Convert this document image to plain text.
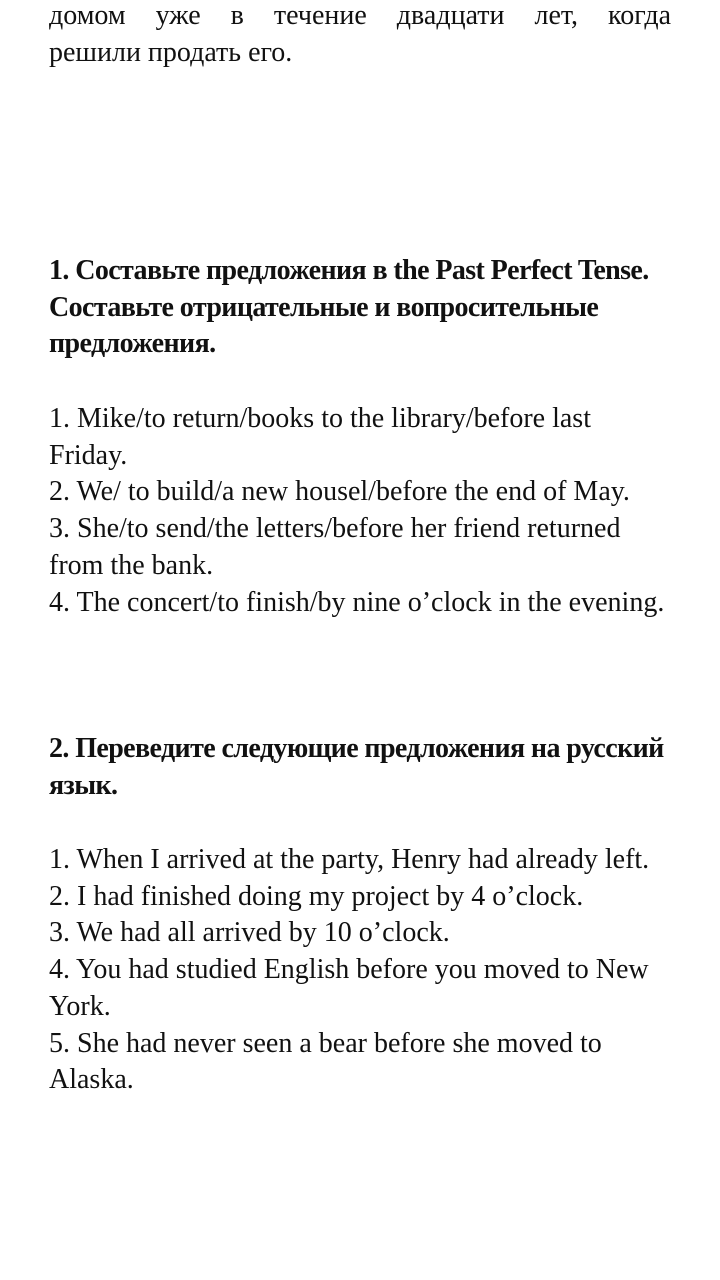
домом уже в течение двадцати лет, когда
решили продать его.
1. Составьте предложения в the Past Perfect Tense. Составьте отрицательные и вопросительные предложения.
1. Mike/to return/books to the library/before last Friday.
2. We/ to build/a new housel/before the end of May.
3. She/to send/the letters/before her friend returned from the bank.
4. The concert/to finish/by nine o’clock in the evening.
2. Переведите следующие предложения на русский язык.
1. When I arrived at the party, Henry had already left.
2. I had finished doing my project by 4 o’clock.
3. We had all arrived by 10 o’clock.
4. You had studied English before you moved to New York.
5. She had never seen a bear before she moved to Alaska.
